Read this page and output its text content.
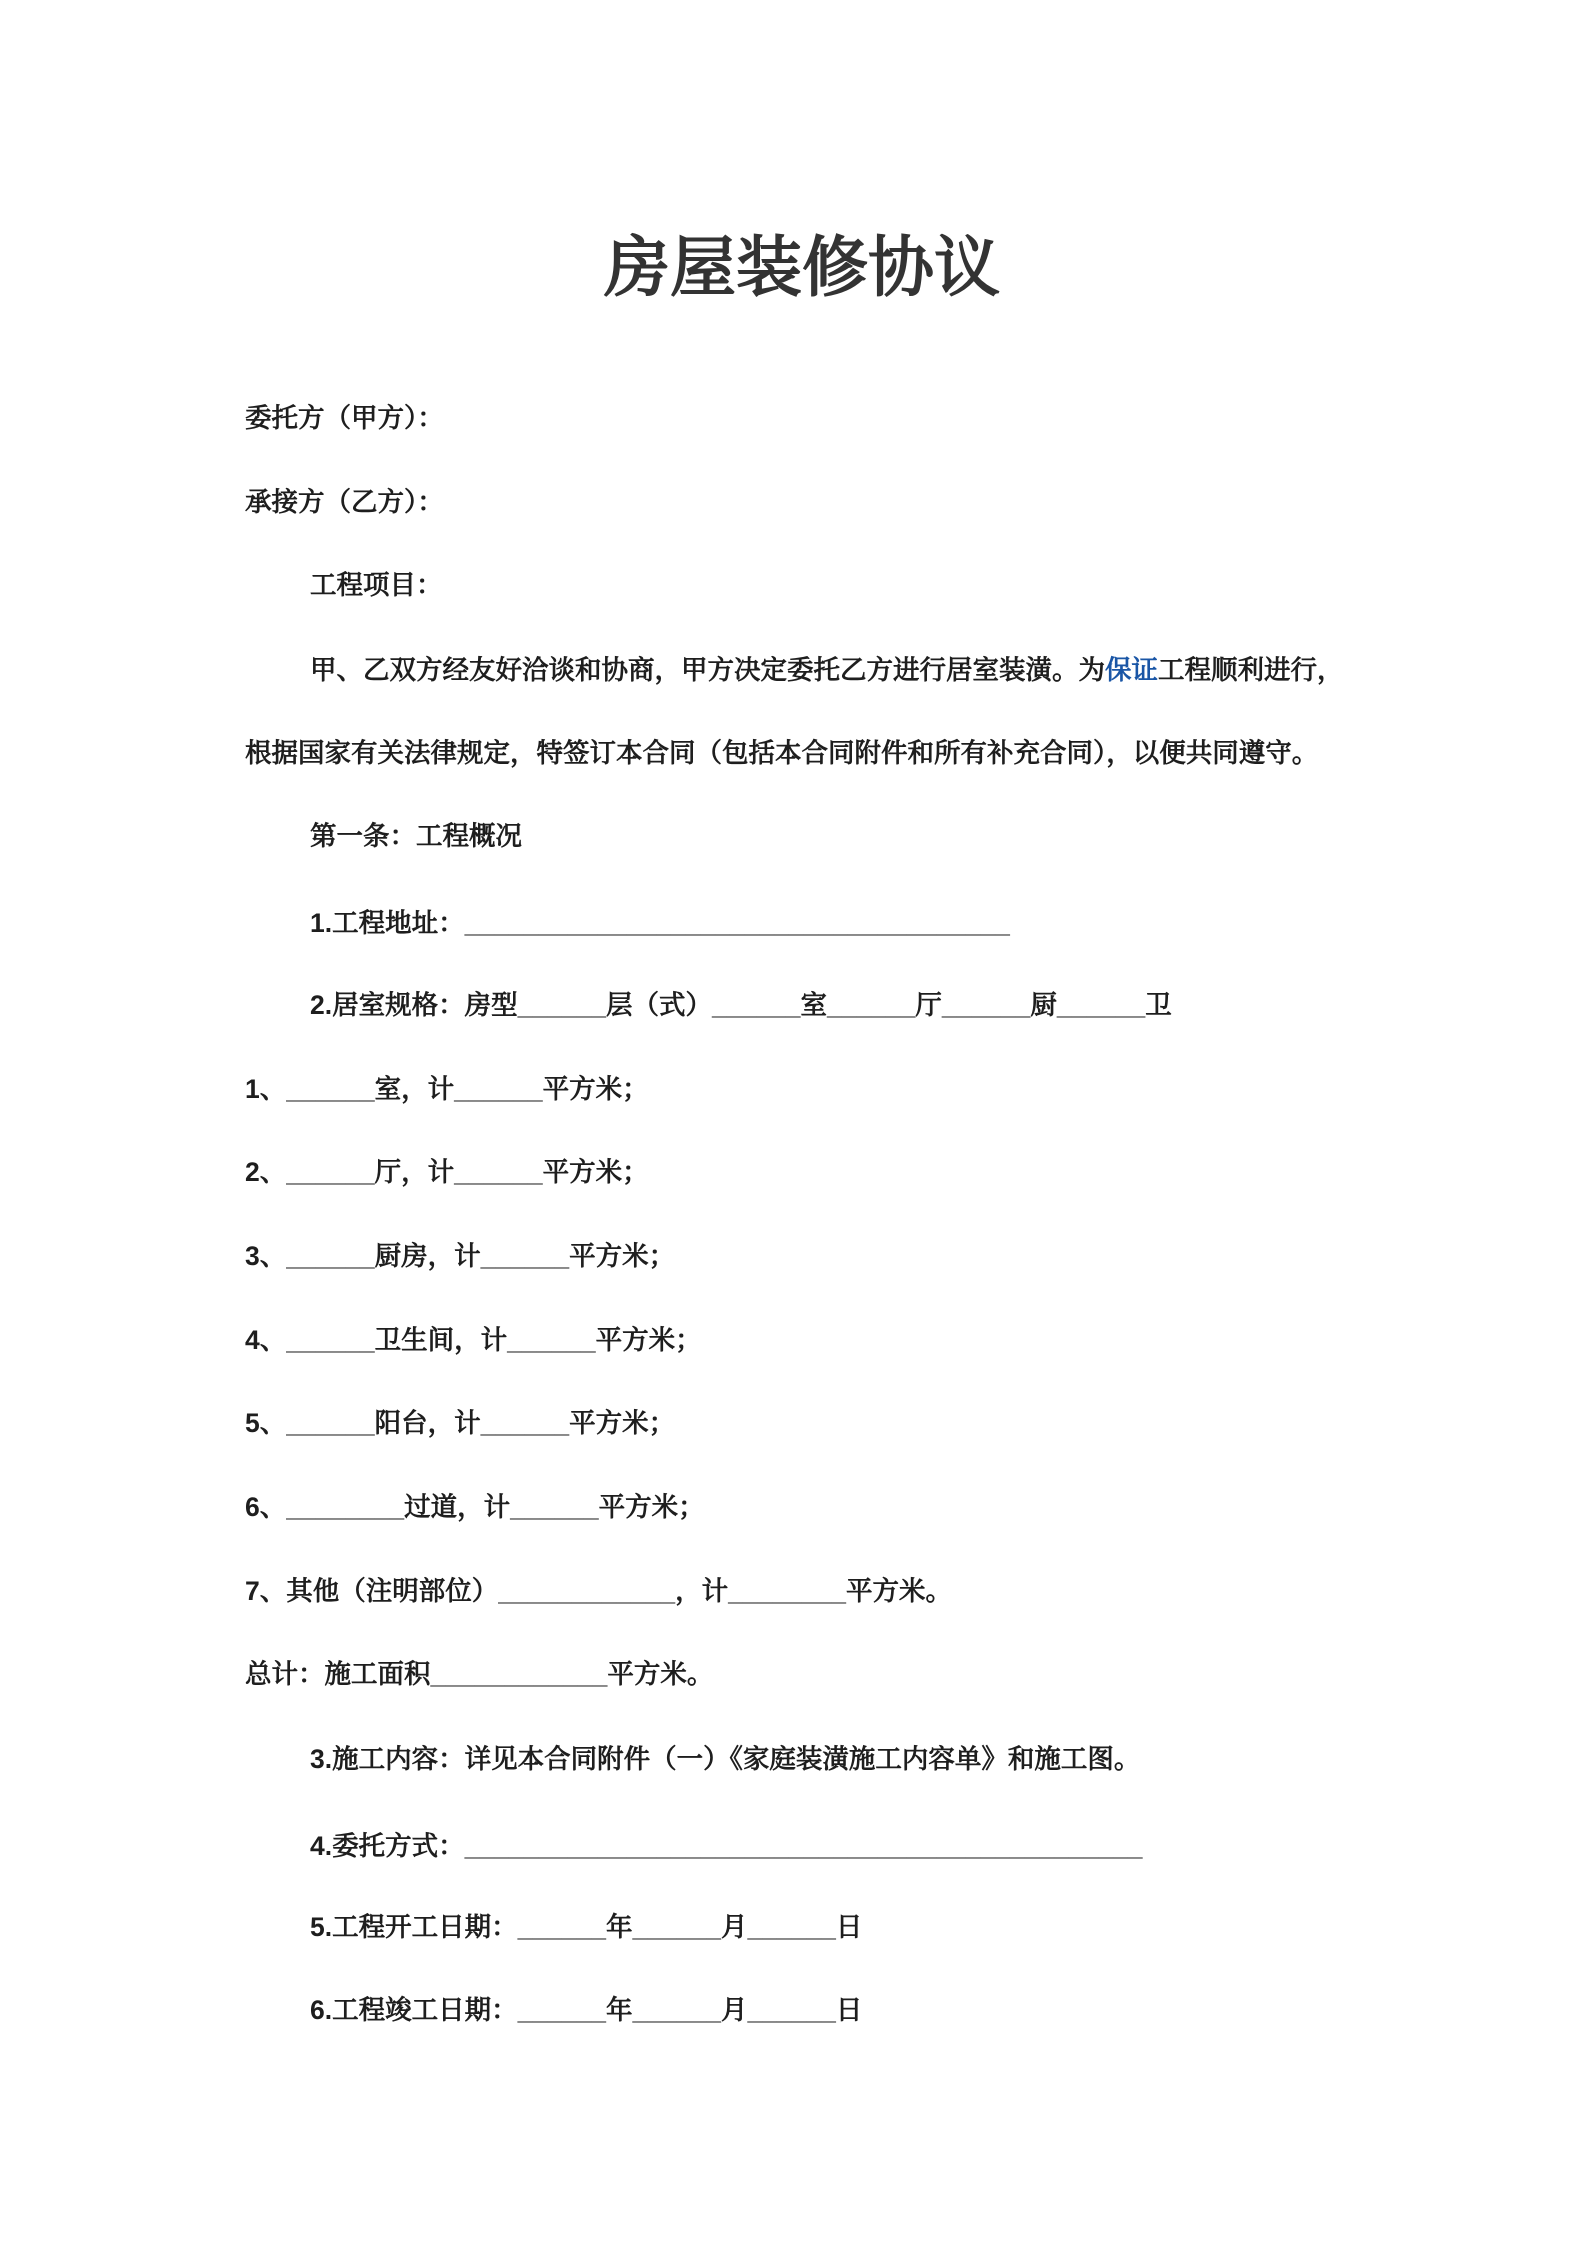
房屋装修协议
委托方（甲方）：
承接方（乙方）：
工程项目：
甲、乙双方经友好洽谈和协商，甲方决定委托乙方进行居室装潢。为保证工程顺利进行，
根据国家有关法律规定，特签订本合同（包括本合同附件和所有补充合同），以便共同遵守。
第一条：工程概况
1.工程地址：_____________________________________
2.居室规格：房型______层（式）______室______厅______厨______卫
1、______室，计______平方米；
2、______厅，计______平方米；
3、______厨房，计______平方米；
4、______卫生间，计______平方米；
5、______阳台，计______平方米；
6、________过道，计______平方米；
7、其他（注明部位）____________，计________平方米。
总计：施工面积____________平方米。
3.施工内容：详见本合同附件（一）《家庭装潢施工内容单》和施工图。
4.委托方式：______________________________________________
5.工程开工日期：______年______月______日
6.工程竣工日期：______年______月______日
